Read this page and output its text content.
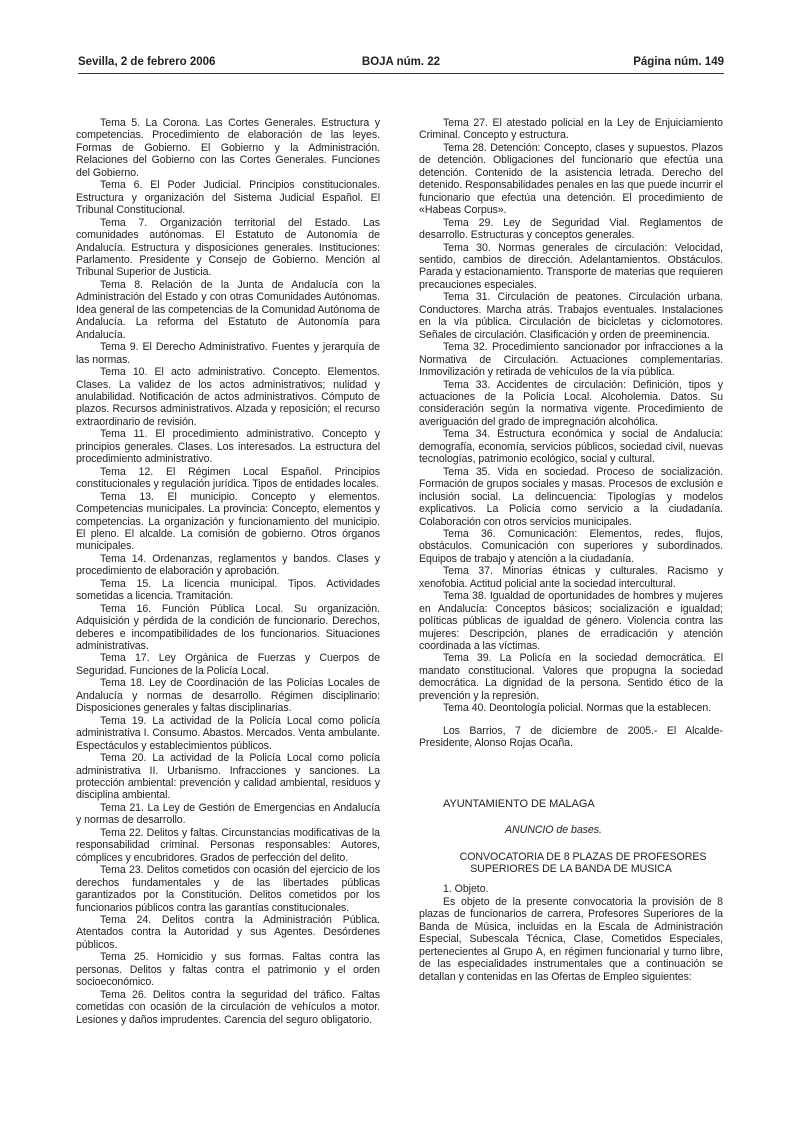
Sevilla, 2 de febrero 2006	BOJA núm. 22	Página núm. 149

Tema 5. La Corona. Las Cortes Generales. Estructura y competencias. Procedimiento de elaboración de las leyes. Formas de Gobierno. El Gobierno y la Administración. Relaciones del Gobierno con las Cortes Generales. Funciones del Gobierno.

Tema 6. El Poder Judicial. Principios constitucionales. Estructura y organización del Sistema Judicial Español. El Tribunal Constitucional.

Tema 7. Organización territorial del Estado. Las comunidades autónomas. El Estatuto de Autonomía de Andalucía. Estructura y disposiciones generales. Instituciones: Parlamento. Presidente y Consejo de Gobierno. Mención al Tribunal Superior de Justicia.

Tema 8. Relación de la Junta de Andalucía con la Administración del Estado y con otras Comunidades Autónomas. Idea general de las competencias de la Comunidad Autónoma de Andalucía. La reforma del Estatuto de Autonomía para Andalucía.

Tema 9. El Derecho Administrativo. Fuentes y jerarquía de las normas.

Tema 10. El acto administrativo. Concepto. Elementos. Clases. La validez de los actos administrativos; nulidad y anulabilidad. Notificación de actos administrativos. Cómputo de plazos. Recursos administrativos. Alzada y reposición; el recurso extraordinario de revisión.

Tema 11. El procedimiento administrativo. Concepto y principios generales. Clases. Los interesados. La estructura del procedimiento administrativo.

Tema 12. El Régimen Local Español. Principios constitucionales y regulación jurídica. Tipos de entidades locales.

Tema 13. El municipio. Concepto y elementos. Competencias municipales. La provincia: Concepto, elementos y competencias. La organización y funcionamiento del municipio. El pleno. El alcalde. La comisión de gobierno. Otros órganos municipales.

Tema 14. Ordenanzas, reglamentos y bandos. Clases y procedimiento de elaboración y aprobación.

Tema 15. La licencia municipal. Tipos. Actividades sometidas a licencia. Tramitación.

Tema 16. Función Pública Local. Su organización. Adquisición y pérdida de la condición de funcionario. Derechos, deberes e incompatibilidades de los funcionarios. Situaciones administrativas.

Tema 17. Ley Orgánica de Fuerzas y Cuerpos de Seguridad. Funciones de la Policía Local.

Tema 18. Ley de Coordinación de las Policías Locales de Andalucía y normas de desarrollo. Régimen disciplinario: Disposiciones generales y faltas disciplinarias.

Tema 19. La actividad de la Policía Local como policía administrativa I. Consumo. Abastos. Mercados. Venta ambulante. Espectáculos y establecimientos públicos.

Tema 20. La actividad de la Policía Local como policía administrativa II. Urbanismo. Infracciones y sanciones. La protección ambiental: prevención y calidad ambiental, residuos y disciplina ambiental.

Tema 21. La Ley de Gestión de Emergencias en Andalucía y normas de desarrollo.

Tema 22. Delitos y faltas. Circunstancias modificativas de la responsabilidad criminal. Personas responsables: Autores, cómplices y encubridores. Grados de perfección del delito.

Tema 23. Delitos cometidos con ocasión del ejercicio de los derechos fundamentales y de las libertades públicas garantizados por la Constitución. Delitos cometidos por los funcionarios públicos contra las garantías constitucionales.

Tema 24. Delitos contra la Administración Pública. Atentados contra la Autoridad y sus Agentes. Desórdenes públicos.

Tema 25. Homicidio y sus formas. Faltas contra las personas. Delitos y faltas contra el patrimonio y el orden socioeconómico.

Tema 26. Delitos contra la seguridad del tráfico. Faltas cometidas con ocasión de la circulación de vehículos a motor. Lesiones y daños imprudentes. Carencia del seguro obligatorio.

Tema 27. El atestado policial en la Ley de Enjuiciamiento Criminal. Concepto y estructura.

Tema 28. Detención: Concepto, clases y supuestos. Plazos de detención. Obligaciones del funcionario que efectúa una detención. Contenido de la asistencia letrada. Derecho del detenido. Responsabilidades penales en las que puede incurrir el funcionario que efectúa una detención. El procedimiento de «Habeas Corpus».

Tema 29. Ley de Seguridad Vial. Reglamentos de desarrollo. Estructuras y conceptos generales.

Tema 30. Normas generales de circulación: Velocidad, sentido, cambios de dirección. Adelantamientos. Obstáculos. Parada y estacionamiento. Transporte de materias que requieren precauciones especiales.

Tema 31. Circulación de peatones. Circulación urbana. Conductores. Marcha atrás. Trabajos eventuales. Instalaciones en la vía pública. Circulación de bicicletas y ciclomotores. Señales de circulación. Clasificación y orden de preeminencia.

Tema 32. Procedimiento sancionador por infracciones a la Normativa de Circulación. Actuaciones complementarias. Inmovilización y retirada de vehículos de la vía pública.

Tema 33. Accidentes de circulación: Definición, tipos y actuaciones de la Policía Local. Alcoholemia. Datos. Su consideración según la normativa vigente. Procedimiento de averiguación del grado de impregnación alcohólica.

Tema 34. Estructura económica y social de Andalucía: demografía, economía, servicios públicos, sociedad civil, nuevas tecnologías, patrimonio ecológico, social y cultural.

Tema 35. Vida en sociedad. Proceso de socialización. Formación de grupos sociales y masas. Procesos de exclusión e inclusión social. La delincuencia: Tipologías y modelos explicativos. La Policía como servicio a la ciudadanía. Colaboración con otros servicios municipales.

Tema 36. Comunicación: Elementos, redes, flujos, obstáculos. Comunicación con superiores y subordinados. Equipos de trabajo y atención a la ciudadanía.

Tema 37. Minorías étnicas y culturales. Racismo y xenofobia. Actitud policial ante la sociedad intercultural.

Tema 38. Igualdad de oportunidades de hombres y mujeres en Andalucía: Conceptos básicos; socialización e igualdad; políticas públicas de igualdad de género. Violencia contra las mujeres: Descripción, planes de erradicación y atención coordinada a las víctimas.

Tema 39. La Policía en la sociedad democrática. El mandato constitucional. Valores que propugna la sociedad democrática. La dignidad de la persona. Sentido ético de la prevención y la represión.

Tema 40. Deontología policial. Normas que la establecen.

Los Barrios, 7 de diciembre de 2005.- El Alcalde-Presidente, Alonso Rojas Ocaña.

AYUNTAMIENTO DE MALAGA

ANUNCIO de bases.

CONVOCATORIA DE 8 PLAZAS DE PROFESORES SUPERIORES DE LA BANDA DE MUSICA

1. Objeto.

Es objeto de la presente convocatoria la provisión de 8 plazas de funcionarios de carrera, Profesores Superiores de la Banda de Música, incluidas en la Escala de Administración Especial, Subescala Técnica, Clase, Cometidos Especiales, pertenecientes al Grupo A, en régimen funcionarial y turno libre, de las especialidades instrumentales que a continuación se detallan y contenidas en las Ofertas de Empleo siguientes:
